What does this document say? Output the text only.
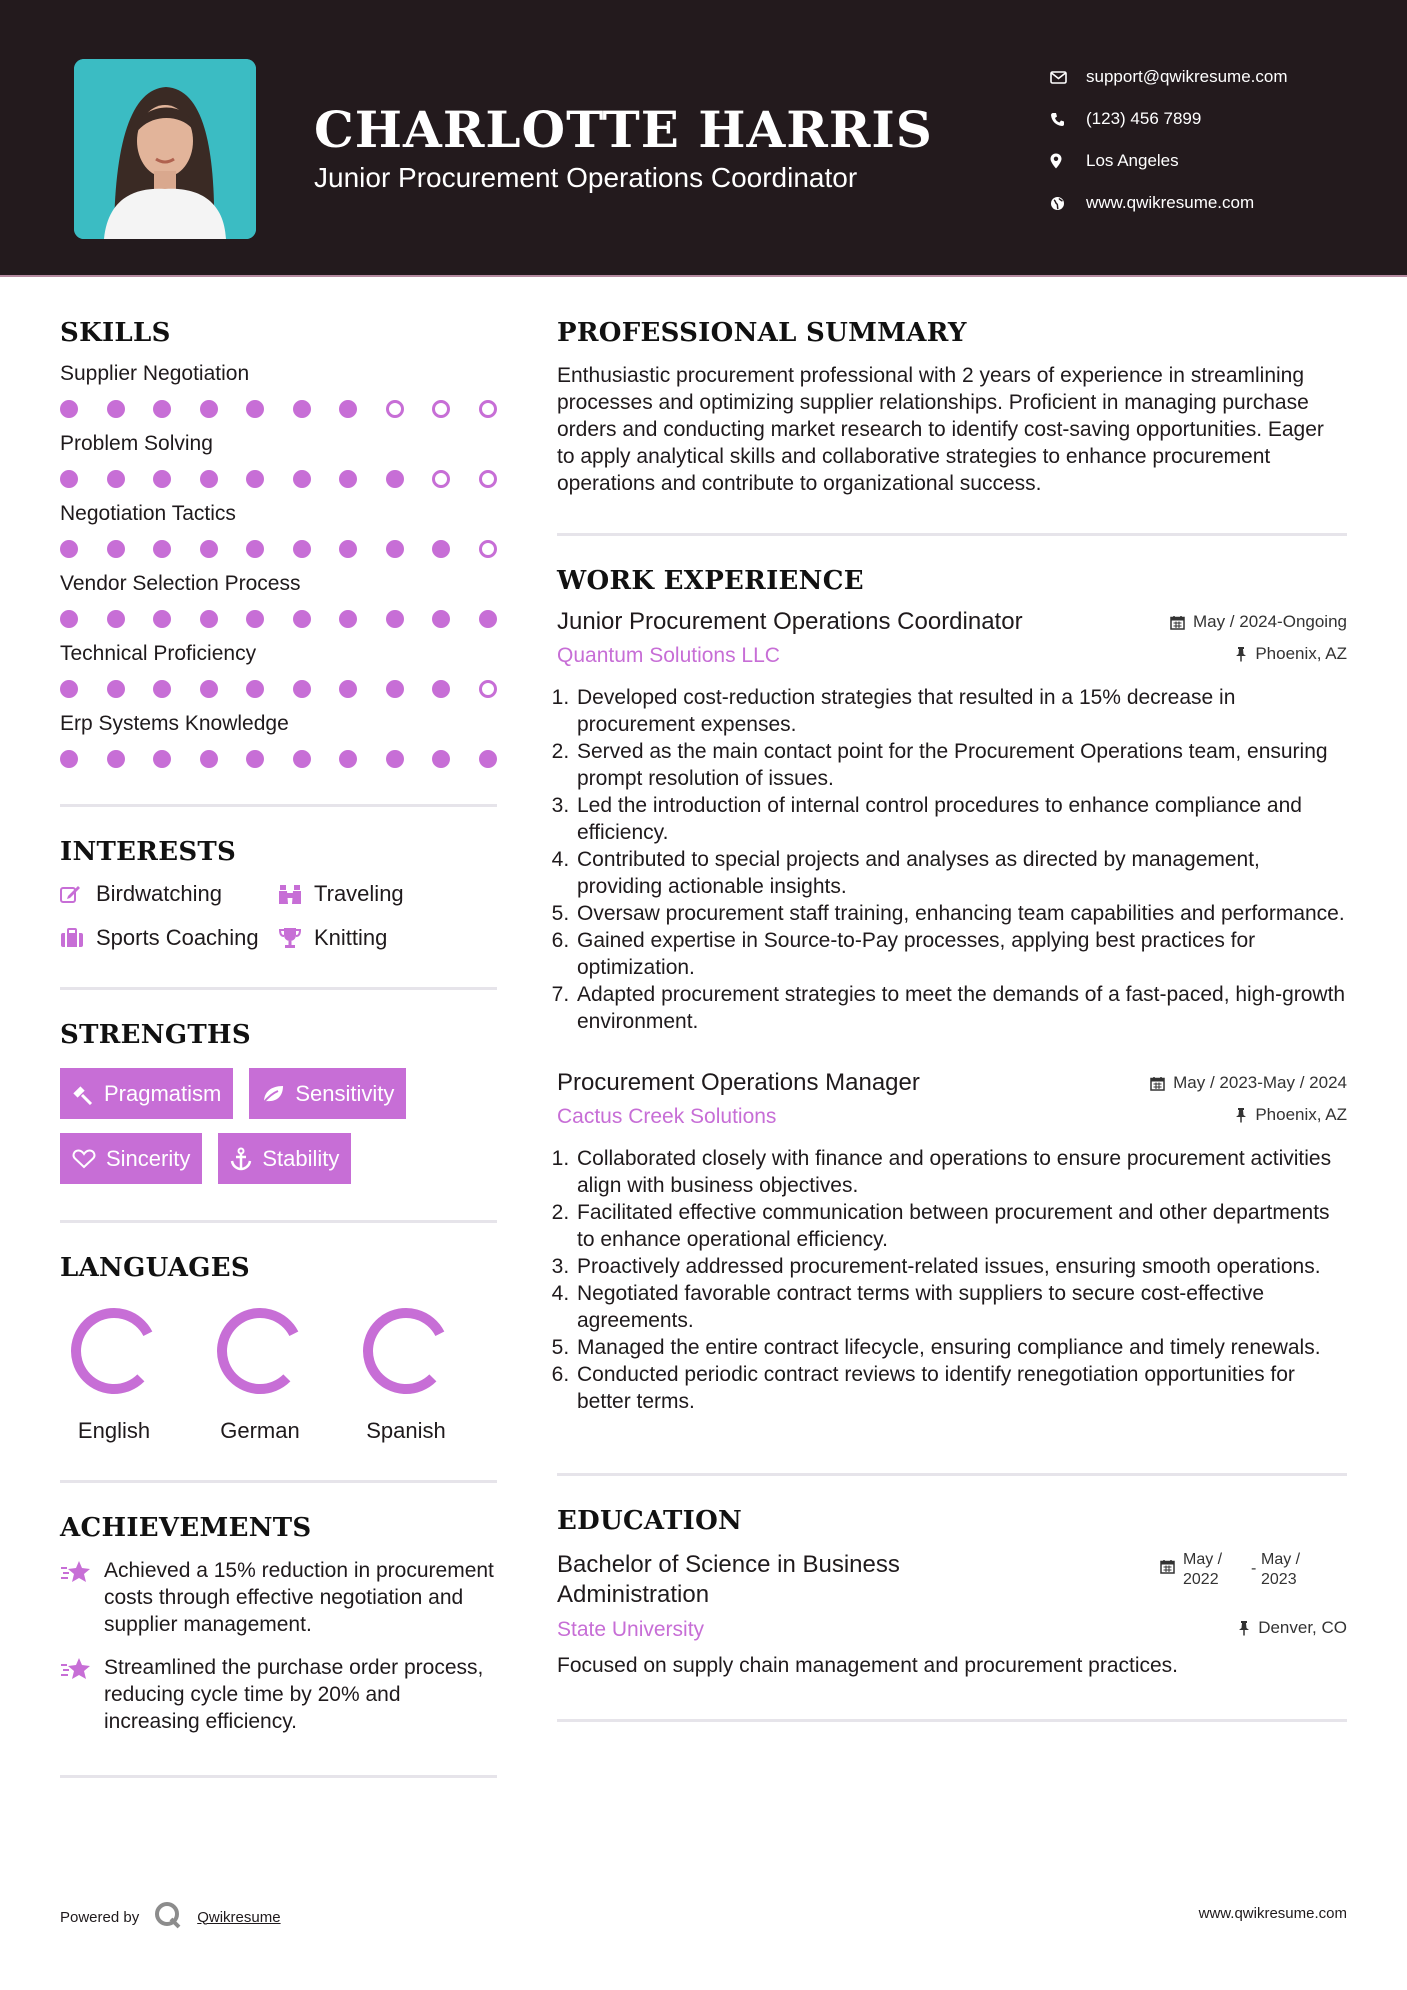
CHARLOTTE HARRIS
Junior Procurement Operations Coordinator
support@qwikresume.com
(123) 456 7899
Los Angeles
www.qwikresume.com
SKILLS
Supplier Negotiation
Problem Solving
Negotiation Tactics
Vendor Selection Process
Technical Proficiency
Erp Systems Knowledge
INTERESTS
Birdwatching	Traveling
Sports Coaching	Knitting
STRENGTHS
Pragmatism	Sensitivity
Sincerity	Stability
LANGUAGES
English	German	Spanish
ACHIEVEMENTS
Achieved a 15% reduction in procurement costs through effective negotiation and supplier management.
Streamlined the purchase order process, reducing cycle time by 20% and increasing efficiency.
PROFESSIONAL SUMMARY

Enthusiastic procurement professional with 2 years of experience in streamlining processes and optimizing supplier relationships. Proficient in managing purchase orders and conducting market research to identify cost-saving opportunities. Eager to apply analytical skills and collaborative strategies to enhance procurement operations and contribute to organizational success.

WORK EXPERIENCE
Junior Procurement Operations Coordinator	May / 2024-Ongoing
Quantum Solutions LLC	Phoenix, AZ
1. Developed cost-reduction strategies that resulted in a 15% decrease in procurement expenses.
2. Served as the main contact point for the Procurement Operations team, ensuring prompt resolution of issues.
3. Led the introduction of internal control procedures to enhance compliance and efficiency.
4. Contributed to special projects and analyses as directed by management, providing actionable insights.
5. Oversaw procurement staff training, enhancing team capabilities and performance.
6. Gained expertise in Source-to-Pay processes, applying best practices for optimization.
7. Adapted procurement strategies to meet the demands of a fast-paced, high-growth environment.
Procurement Operations Manager	May / 2023-May / 2024
Cactus Creek Solutions	Phoenix, AZ
1. Collaborated closely with finance and operations to ensure procurement activities align with business objectives.
2. Facilitated effective communication between procurement and other departments to enhance operational efficiency.
3. Proactively addressed procurement-related issues, ensuring smooth operations.
4. Negotiated favorable contract terms with suppliers to secure cost-effective agreements.
5. Managed the entire contract lifecycle, ensuring compliance and timely renewals.
6. Conducted periodic contract reviews to identify renegotiation opportunities for better terms.
EDUCATION
Bachelor of Science in Business Administration
May / 2022
-
May / 2023
State University	Denver, CO

Focused on supply chain management and procurement practices.

Powered by	Qwikresume	www.qwikresume.com
